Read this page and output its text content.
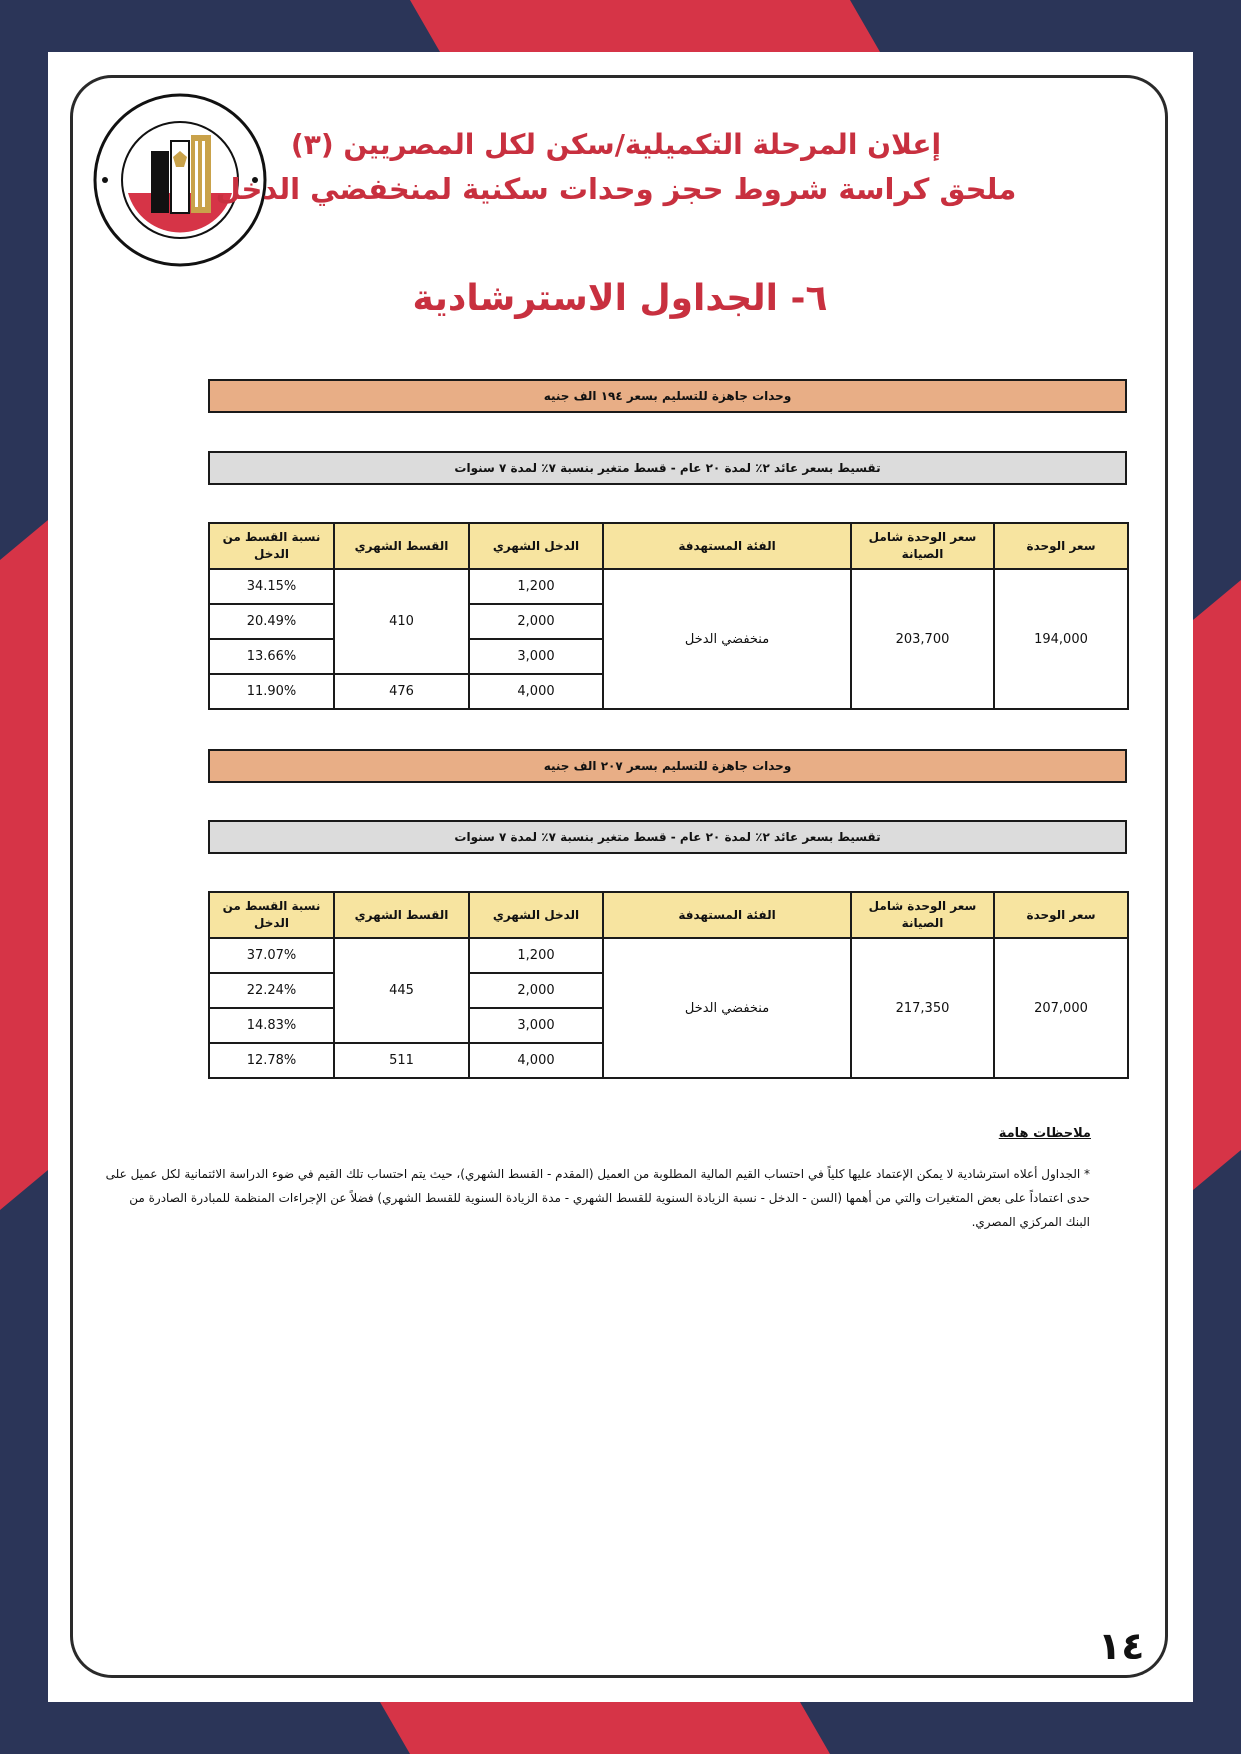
إعلان المرحلة التكميلية/سكن لكل المصريين (٣)
ملحق كراسة شروط حجز وحدات سكنية لمنخفضي الدخل
٦- الجداول الاسترشادية
وحدات جاهزة للتسليم بسعر ١٩٤ الف جنيه
تقسيط بسعر عائد ٢٪ لمدة ٢٠ عام - قسط متغير بنسبة ٧٪ لمدة ٧ سنوات
سعر الوحدة	سعر الوحدة شامل الصيانة	الفئة المستهدفة	الدخل الشهري	القسط الشهري	نسبة القسط من الدخل
194,000	203,700	منخفضي الدخل	1,200	410	34.15%
			2,000		20.49%
			3,000		13.66%
			4,000	476	11.90%
وحدات جاهزة للتسليم بسعر ٢٠٧ الف جنيه
تقسيط بسعر عائد ٢٪ لمدة ٢٠ عام - قسط متغير بنسبة ٧٪ لمدة ٧ سنوات
سعر الوحدة	سعر الوحدة شامل الصيانة	الفئة المستهدفة	الدخل الشهري	القسط الشهري	نسبة القسط من الدخل
207,000	217,350	منخفضي الدخل	1,200	445	37.07%
			2,000		22.24%
			3,000		14.83%
			4,000	511	12.78%
ملاحظات هامة
* الجداول أعلاه استرشادية لا يمكن الإعتماد عليها كلياً في احتساب القيم المالية المطلوبة من العميل (المقدم - القسط الشهري)، حيث يتم احتساب تلك القيم في ضوء الدراسة الائتمانية لكل عميل على حدى اعتماداً على بعض المتغيرات والتي من أهمها (السن - الدخل - نسبة الزيادة السنوية للقسط الشهري - مدة الزيادة السنوية للقسط الشهري) فضلاً عن الإجراءات المنظمة للمبادرة الصادرة من البنك المركزي المصري.
١٤
